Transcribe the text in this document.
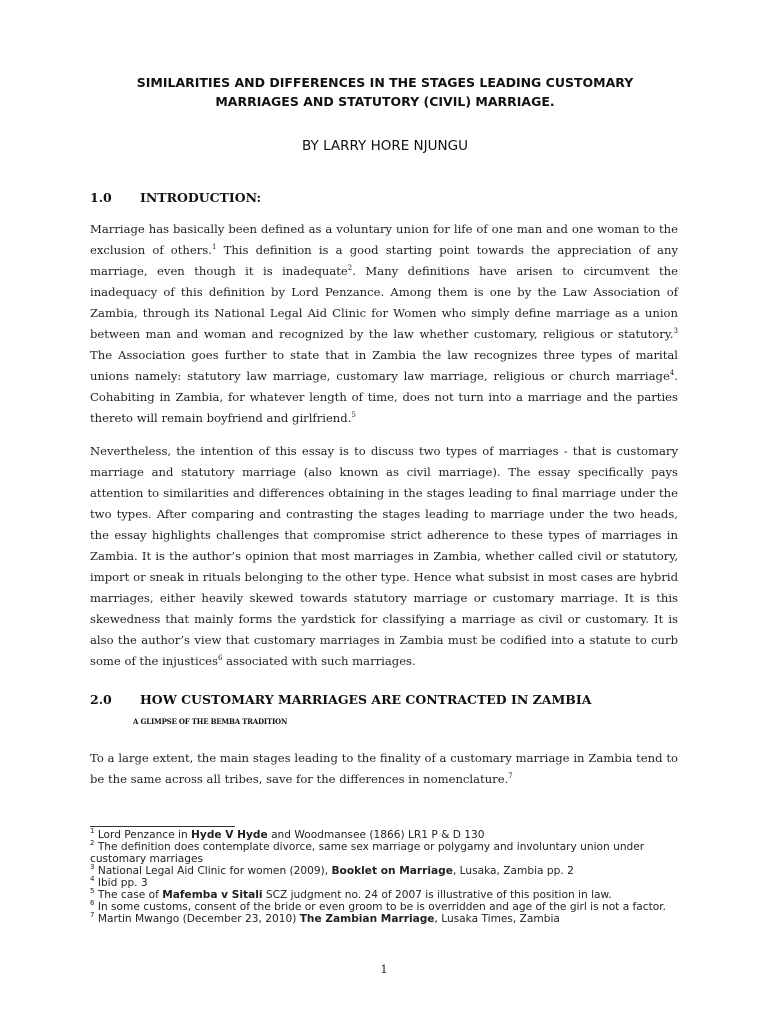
SIMILARITIES AND DIFFERENCES IN THE STAGES LEADING CUSTOMARY
MARRIAGES AND STATUTORY (CIVIL) MARRIAGE.
BY LARRY HORE NJUNGU
1.0 INTRODUCTION:

Marriage has basically been defined as a voluntary union for life of one man and one woman to the exclusion of others.$^1$ This definition is a good starting point towards the appreciation of any marriage, even though it is inadequate$^2$. Many definitions have arisen to circumvent the inadequacy of this definition by Lord Penzance. Among them is one by the Law Association of Zambia, through its National Legal Aid Clinic for Women who simply define marriage as a union between man and woman and recognized by the law whether customary, religious or statutory.$^3$ The Association goes further to state that in Zambia the law recognizes three types of marital unions namely: statutory law marriage, customary law marriage, religious or church marriage$^4$. Cohabiting in Zambia, for whatever length of time, does not turn into a marriage and the parties thereto will remain boyfriend and girlfriend.$^5$

Nevertheless, the intention of this essay is to discuss two types of marriages - that is customary marriage and statutory marriage (also known as civil marriage). The essay specifically pays attention to similarities and differences obtaining in the stages leading to final marriage under the two types. After comparing and contrasting the stages leading to marriage under the two heads, the essay highlights challenges that compromise strict adherence to these types of marriages in Zambia. It is the author’s opinion that most marriages in Zambia, whether called civil or statutory, import or sneak in rituals belonging to the other type. Hence what subsist in most cases are hybrid marriages, either heavily skewed towards statutory marriage or customary marriage. It is this skewedness that mainly forms the yardstick for classifying a marriage as civil or customary. It is also the author’s view that customary marriages in Zambia must be codified into a statute to curb some of the injustices$^6$ associated with such marriages.

2.0 HOW CUSTOMARY MARRIAGES ARE CONTRACTED IN ZAMBIA
A GLIMPSE OF THE BEMBA TRADITION

To a large extent, the main stages leading to the finality of a customary marriage in Zambia tend to be the same across all tribes, save for the differences in nomenclature.$^7$

$^1$ Lord Penzance in Hyde V Hyde and Woodmansee (1866) LR1 P & D 130

$^2$ The definition does contemplate divorce, same sex marriage or polygamy and involuntary union under customary marriages

$^3$ National Legal Aid Clinic for women (2009), Booklet on Marriage, Lusaka, Zambia pp. 2

$^4$ Ibid pp. 3

$^5$ The case of Mafemba v Sitali SCZ judgment no. 24 of 2007 is illustrative of this position in law.

$^6$ In some customs, consent of the bride or even groom to be is overridden and age of the girl is not a factor.

$^7$ Martin Mwango (December 23, 2010) The Zambian Marriage, Lusaka Times, Zambia

1
